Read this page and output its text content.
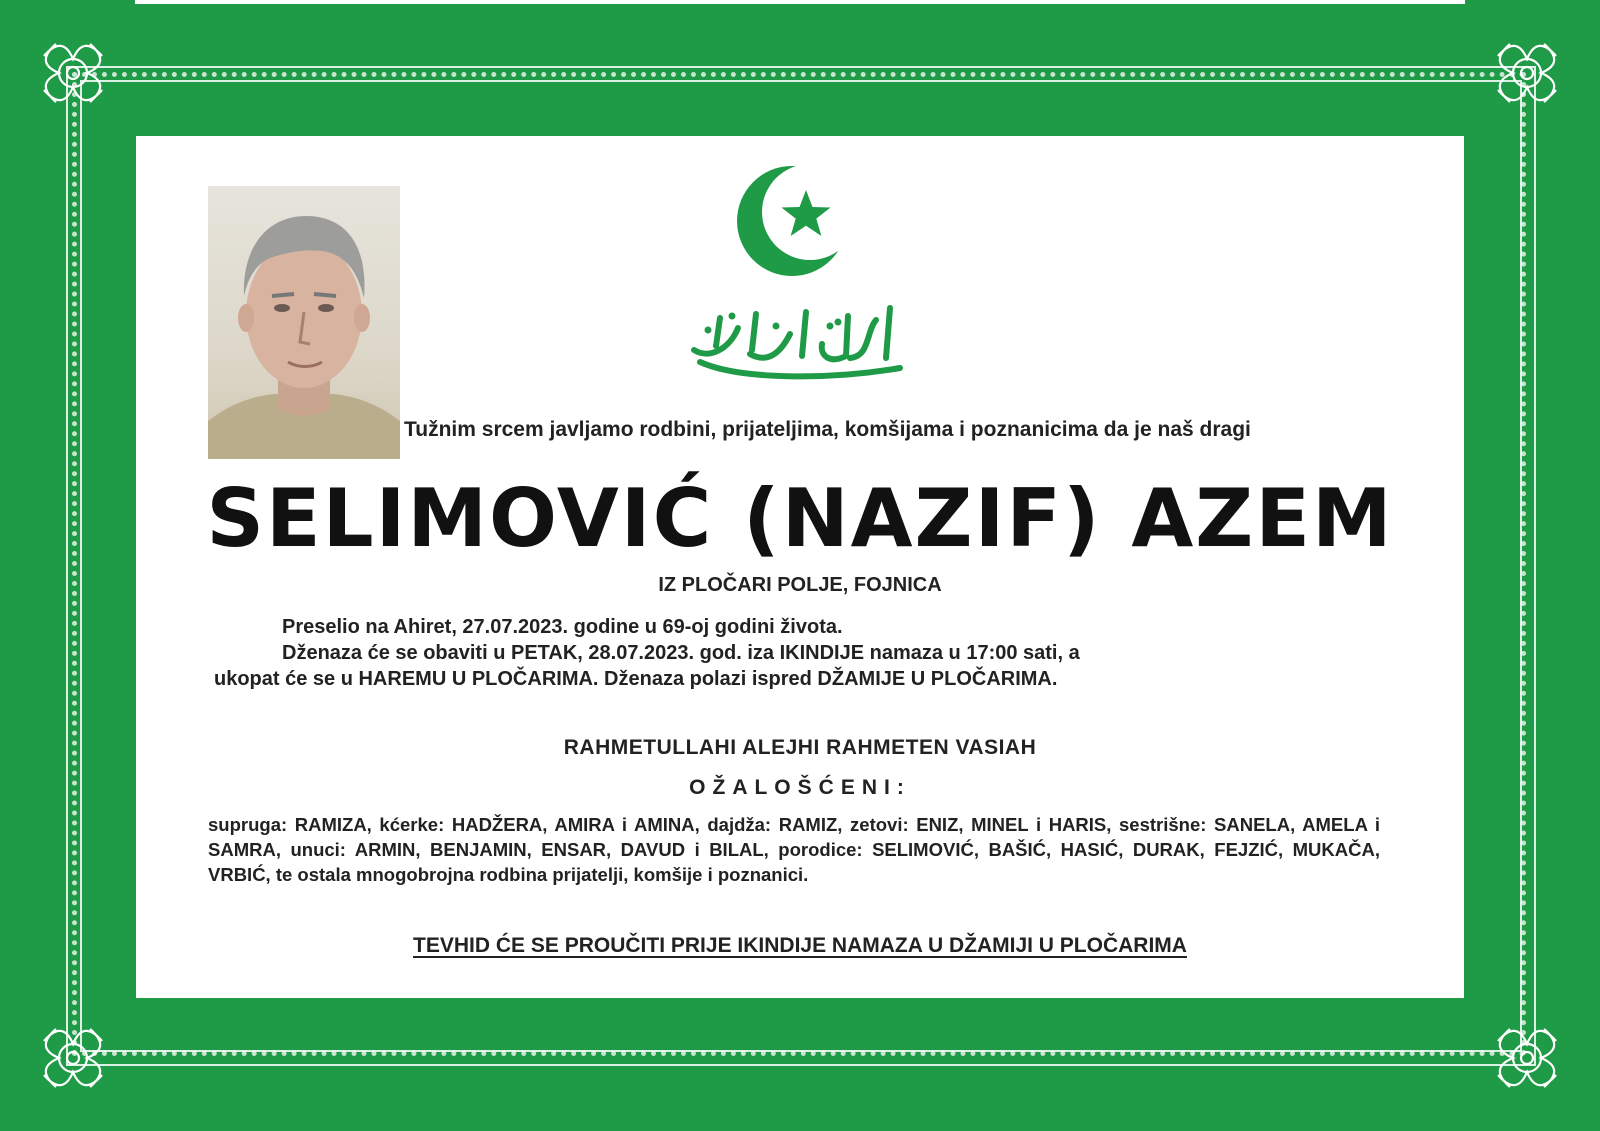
Tužnim srcem javljamo rodbini, prijateljima, komšijama i poznanicima da je naš dragi
SELIMOVIĆ (NAZIF) AZEM
IZ PLOČARI POLJE, FOJNICA
Preselio na Ahiret, 27.07.2023. godine u 69-oj godini života.
Dženaza će se obaviti u PETAK, 28.07.2023. god. iza IKINDIJE namaza u 17:00 sati, a
ukopat će se u HAREMU U PLOČARIMA. Dženaza polazi ispred DŽAMIJE U PLOČARIMA.
RAHMETULLAHI ALEJHI RAHMETEN VASIAH
OŽALOŠĆENI:
supruga: RAMIZA, kćerke: HADŽERA, AMIRA i AMINA, dajdža: RAMIZ, zetovi: ENIZ, MINEL i HARIS, sestrišne: SANELA, AMELA i SAMRA, unuci: ARMIN, BENJAMIN, ENSAR, DAVUD i BILAL, porodice: SELIMOVIĆ, BAŠIĆ, HASIĆ, DURAK, FEJZIĆ, MUKAČA, VRBIĆ, te ostala mnogobrojna rodbina prijatelji, komšije i poznanici.
TEVHID ĆE SE PROUČITI PRIJE IKINDIJE NAMAZA U DŽAMIJI U PLOČARIMA
